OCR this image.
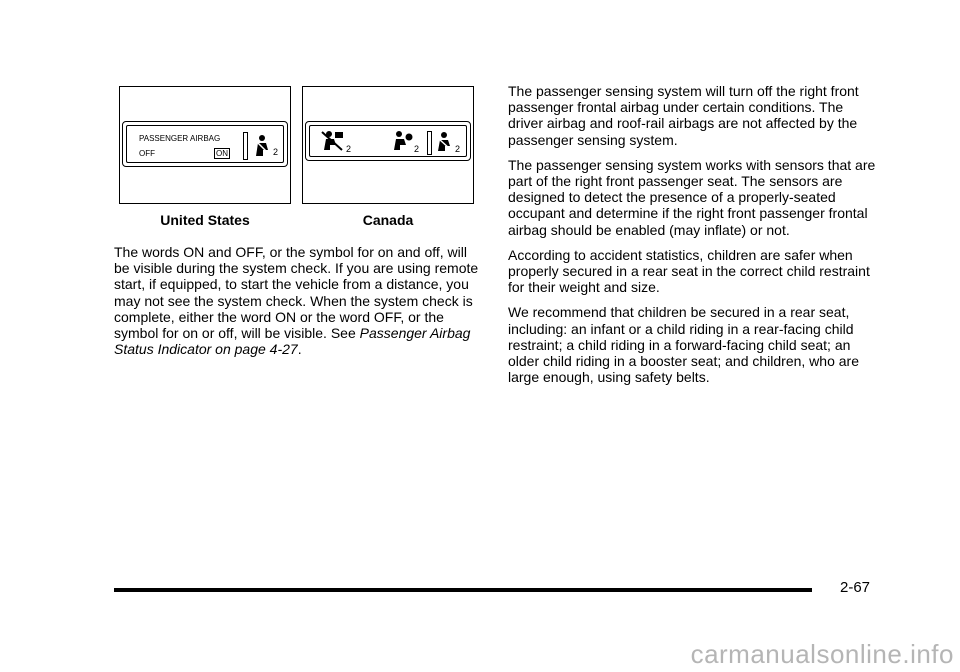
PASSENGER AIRBAG
OFF	ON	2
United States
2	2	2
Canada

The words ON and OFF, or the symbol for on and off, will be visible during the system check. If you are using remote start, if equipped, to start the vehicle from a distance, you may not see the system check. When the system check is complete, either the word ON or the word OFF, or the symbol for on or off, will be visible. See Passenger Airbag Status Indicator on page 4-27.

The passenger sensing system will turn off the right front passenger frontal airbag under certain conditions. The driver airbag and roof-rail airbags are not affected by the passenger sensing system.

The passenger sensing system works with sensors that are part of the right front passenger seat. The sensors are designed to detect the presence of a properly-seated occupant and determine if the right front passenger frontal airbag should be enabled (may inflate) or not.

According to accident statistics, children are safer when properly secured in a rear seat in the correct child restraint for their weight and size.

We recommend that children be secured in a rear seat, including: an infant or a child riding in a rear-facing child restraint; a child riding in a forward-facing child seat; an older child riding in a booster seat; and children, who are large enough, using safety belts.

2-67
carmanualsonline.info
